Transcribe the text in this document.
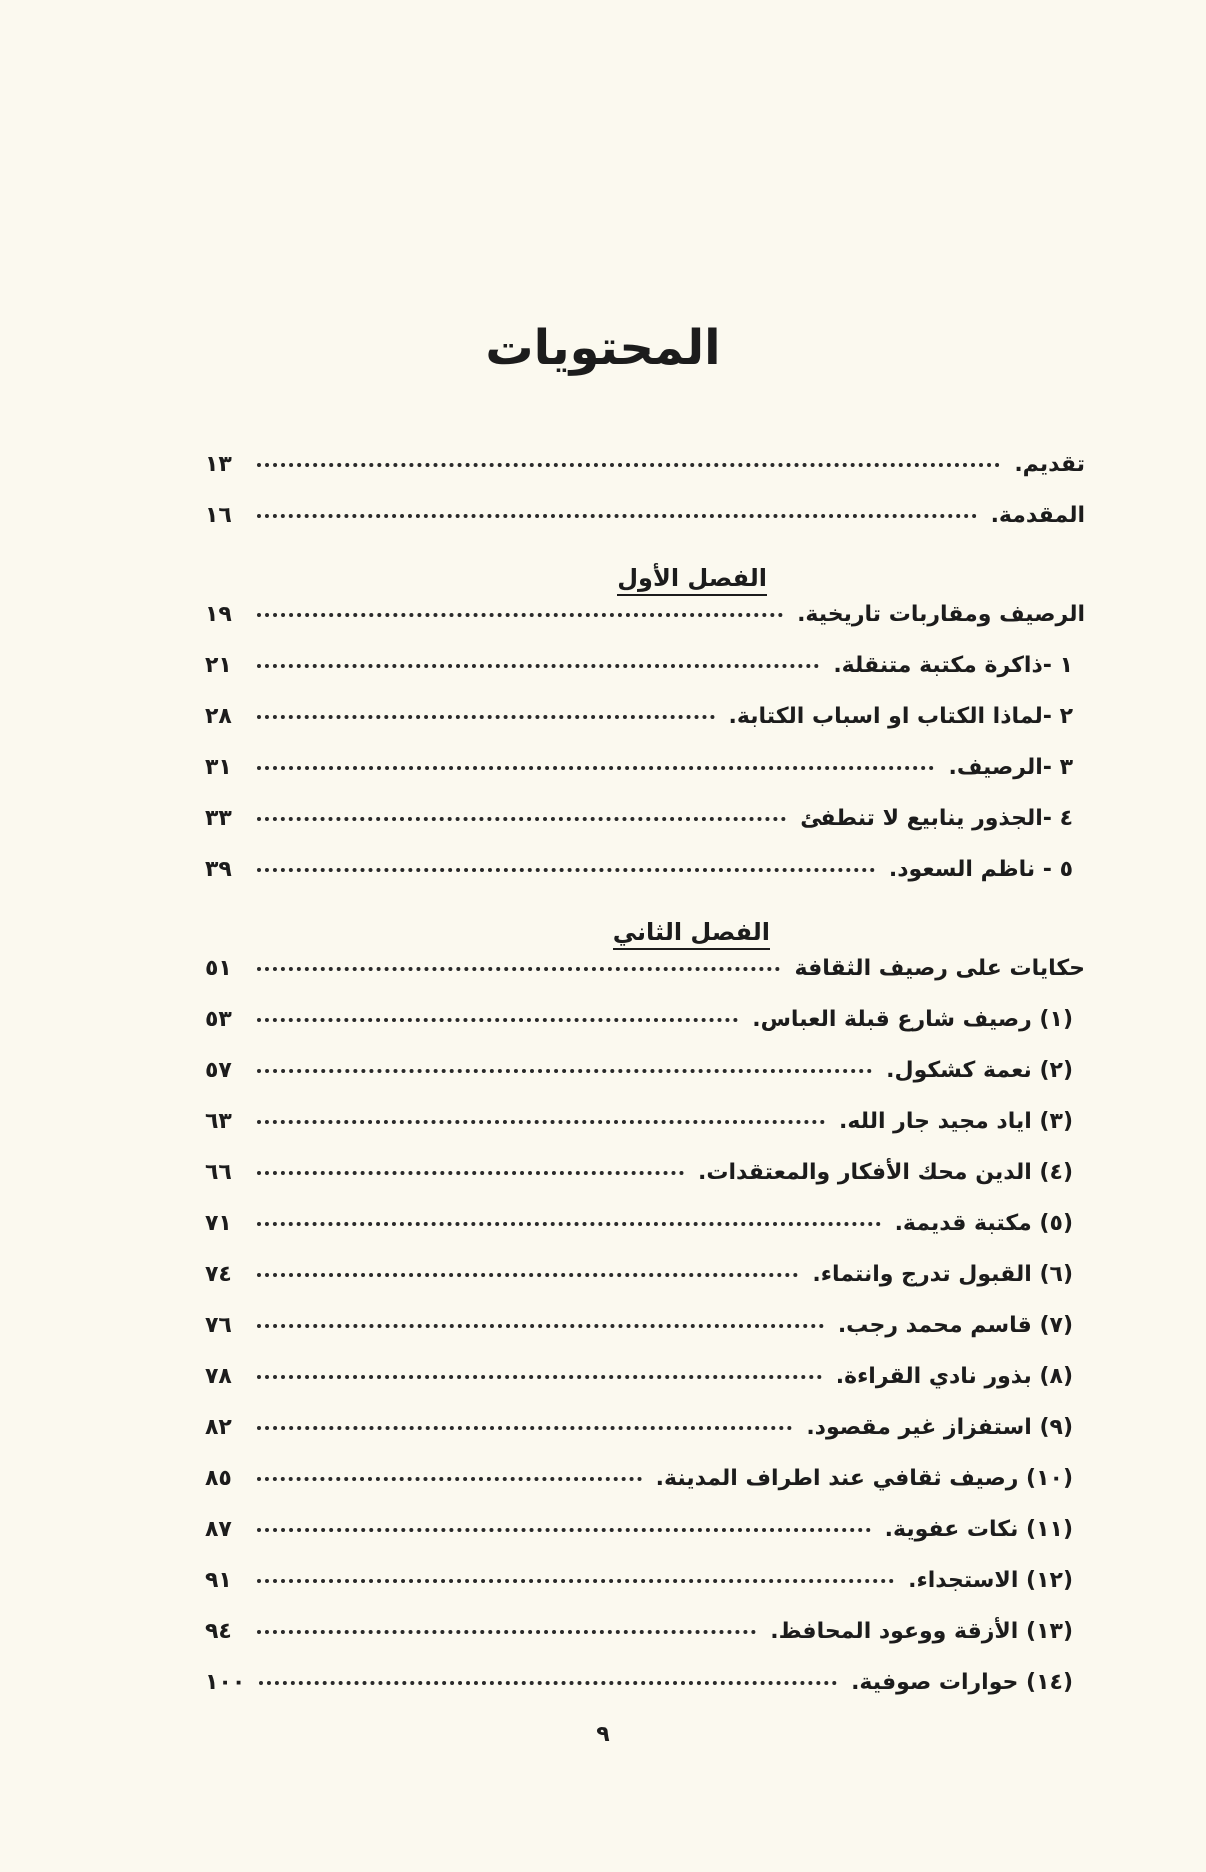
المحتويات
تقديم.
١٣
المقدمة.
١٦
الفصل الأول
الرصيف ومقاربات تاريخية.
١٩
١ -ذاكرة مكتبة متنقلة.
٢١
٢ -لماذا الكتاب او اسباب الكتابة.
٢٨
٣ -الرصيف.
٣١
٤ -الجذور ينابيع لا تنطفئ
٣٣
٥ - ناظم السعود.
٣٩
الفصل الثاني
حكايات على رصيف الثقافة
٥١
(١) رصيف شارع قبلة العباس.
٥٣
(٢) نعمة كشكول.
٥٧
(٣) اياد مجيد جار الله.
٦٣
(٤) الدين محك الأفكار والمعتقدات.
٦٦
(٥) مكتبة قديمة.
٧١
(٦) القبول تدرج وانتماء.
٧٤
(٧) قاسم محمد رجب.
٧٦
(٨) بذور نادي القراءة.
٧٨
(٩) استفزاز غير مقصود.
٨٢
(١٠) رصيف ثقافي عند اطراف المدينة.
٨٥
(١١) نكات عفوية.
٨٧
(١٢) الاستجداء.
٩١
(١٣) الأزقة ووعود المحافظ.
٩٤
(١٤) حوارات صوفية.
١٠٠
٩
